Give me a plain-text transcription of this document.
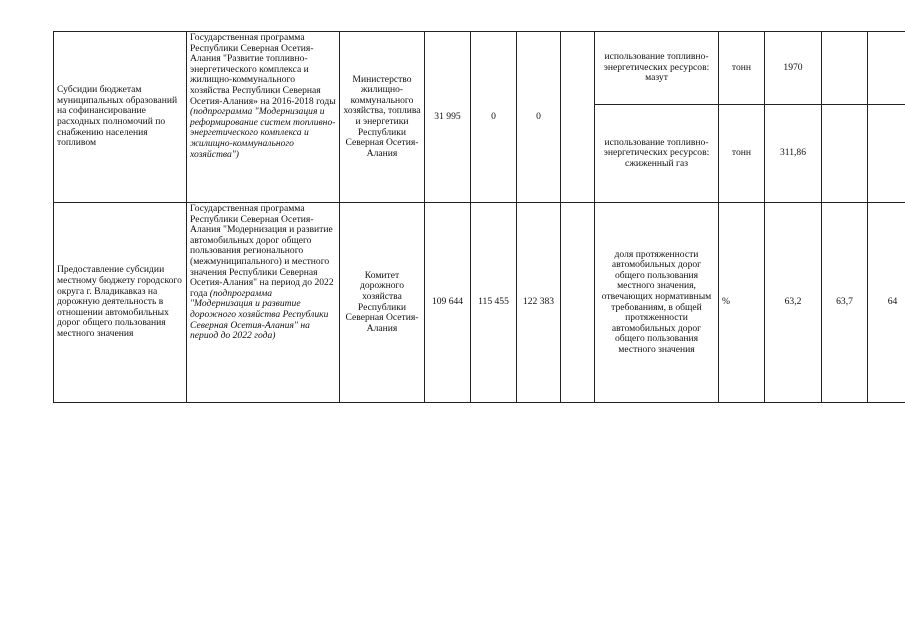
Субсидии бюджетам муниципальных образований на софинансирование расходных полномочий по снабжению населения топливом	Государственная программа Республики Северная Осетия-Алания "Развитие топливно-энергетического комплекса и жилищно-коммунального хозяйства Республики Северная Осетия-Алания» на 2016-2018 годы (подпрограмма "Модернизация и реформирование систем топливно-энергетического комплекса и жилищно-коммунального хозяйства")	Министерство жилищно-коммунального хозяйства, топлива и энергетики Республики Северная Осетия-Алания	31 995	0	0		использование топливно-энергетических ресурсов: мазут	тонн	1970		
							использование топливно-энергетических ресурсов: сжиженный газ	тонн	311,86		
Предоставление субсидии местному бюджету городского округа г. Владикавказ на дорожную деятельность в отношении автомобильных дорог общего пользования местного значения	Государственная программа Республики Северная Осетия-Алания "Модернизация и развитие автомобильных дорог общего пользования регионального (межмуниципального) и местного значения Республики Северная Осетия-Алания" на период до 2022 года (подпрограмма "Модернизация и развитие дорожного хозяйства Республики Северная Осетия-Алания" на период до 2022 года)	Комитет дорожного хозяйства Республики Северная Осетия-Алания	109 644	115 455	122 383		доля протяженности автомобильных дорог общего пользования местного значения, отвечающих нормативным требованиям, в общей протяженности автомобильных дорог общего пользования местного значения	%	63,2	63,7	64
